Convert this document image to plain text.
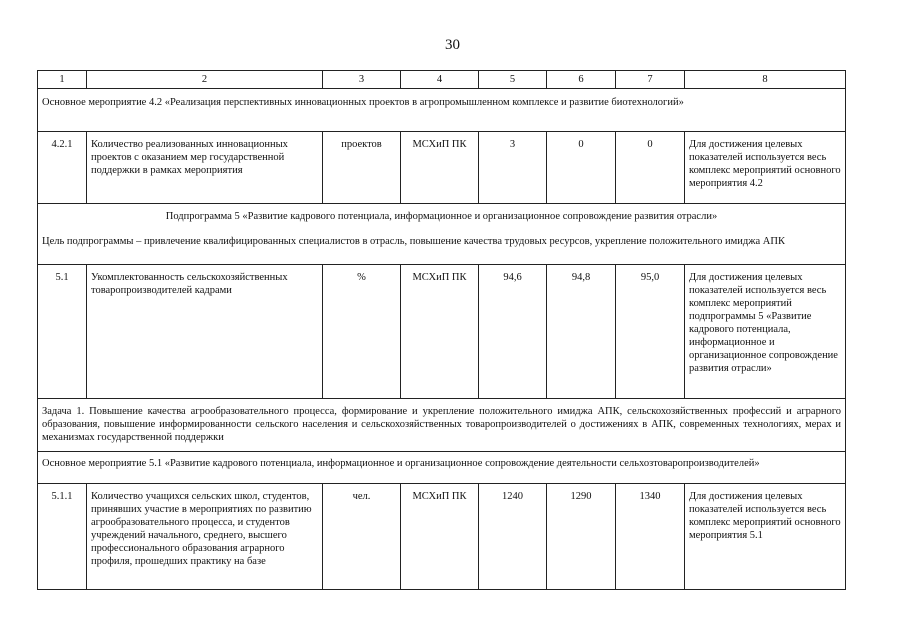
30
1	2	3	4	5	6	7	8
Основное мероприятие 4.2 «Реализация перспективных инновационных проектов в агропромышленном комплексе и развитие биотехнологий»							
4.2.1	Количество реализованных инновационных проектов с оказанием мер государственной поддержки в рамках мероприятия	проектов	МСХиП ПК	3	0	0	Для достижения целевых показателей используется весь комплекс мероприятий основного мероприятия 4.2

Подпрограмма 5 «Развитие кадрового потенциала, информационное и организационное сопровождение развития отрасли»
Цель подпрограммы – привлечение квалифицированных специалистов в отрасль, повышение качества трудовых ресурсов, укрепление положительного имиджа АПК							

5.1	Укомплектованность сельскохозяйственных товаропроизводителей кадрами	%	МСХиП ПК	94,6	94,8	95,0	Для достижения целевых показателей используется весь комплекс мероприятий подпрограммы 5 «Развитие кадрового потенциала, информационное и организационное сопровождение развития отрасли»
Задача 1. Повышение качества агрообразовательного процесса, формирование и укрепление положительного имиджа АПК, сельскохозяйственных профессий и аграрного образования, повышение информированности сельского населения и сельскохозяйственных товаропроизводителей о достижениях в АПК, современных технологиях, мерах и механизмах государственной поддержки							
Основное мероприятие 5.1 «Развитие кадрового потенциала, информационное и организационное сопровождение деятельности сельхозтоваропроизводителей»							
5.1.1	Количество учащихся сельских школ, студентов, принявших участие в мероприятиях по развитию агрообразовательного процесса, и студентов учреждений начального, среднего, высшего профессионального образования аграрного профиля, прошедших практику на базе	чел.	МСХиП ПК	1240	1290	1340	Для достижения целевых показателей используется весь комплекс мероприятий основного мероприятия 5.1
